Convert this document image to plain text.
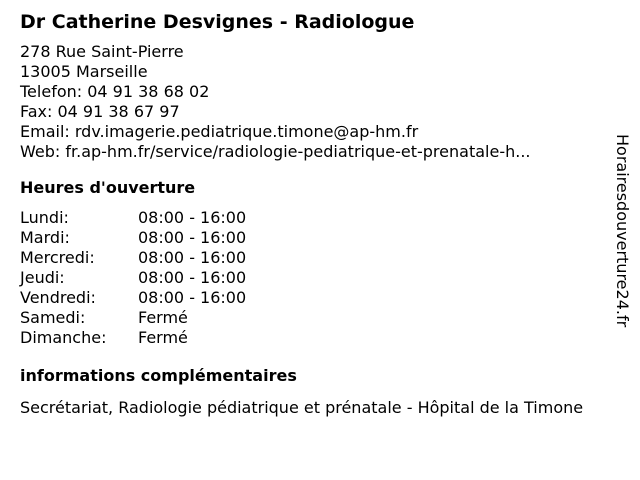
Dr Catherine Desvignes - Radiologue
278 Rue Saint-Pierre
13005 Marseille
Telefon: 04 91 38 68 02
Fax: 04 91 38 67 97
Email: rdv.imagerie.pediatrique.timone@ap-hm.fr
Web: fr.ap-hm.fr/service/radiologie-pediatrique-et-prenatale-h...
Heures d'ouverture
Lundi:	08:00 - 16:00
Mardi:	08:00 - 16:00
Mercredi:	08:00 - 16:00
Jeudi:	08:00 - 16:00
Vendredi:	08:00 - 16:00
Samedi:	Fermé
Dimanche:	Fermé
informations complémentaires
Secrétariat, Radiologie pédiatrique et prénatale - Hôpital de la Timone
Horairesdouverture24.fr
